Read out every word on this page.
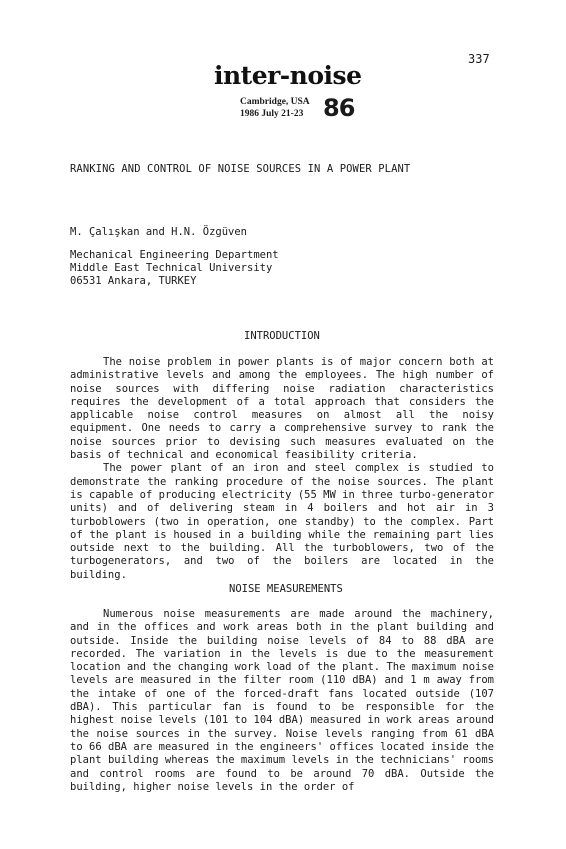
337
inter-noise
Cambridge, USA
1986 July 21-23 86
RANKING AND CONTROL OF NOISE SOURCES IN A POWER PLANT
M. Çalışkan and H.N. Özgüven
Mechanical Engineering Department
Middle East Technical University
06531 Ankara, TURKEY
INTRODUCTION

The noise problem in power plants is of major concern both at administrative levels and among the employees. The high number of noise sources with differing noise radiation characteristics requires the development of a total approach that considers the applicable noise control measures on almost all the noisy equipment. One needs to carry a comprehensive survey to rank the noise sources prior to devising such measures evaluated on the basis of technical and economical feasibility criteria.

The power plant of an iron and steel complex is studied to demonstrate the ranking procedure of the noise sources. The plant is capable of producing electricity (55 MW in three turbo-generator units) and of delivering steam in 4 boilers and hot air in 3 turboblowers (two in operation, one standby) to the complex. Part of the plant is housed in a building while the remaining part lies outside next to the building. All the turboblowers, two of the turbogenerators, and two of the boilers are located in the building.

NOISE MEASUREMENTS

Numerous noise measurements are made around the machinery, and in the offices and work areas both in the plant building and outside. Inside the building noise levels of 84 to 88 dBA are recorded. The variation in the levels is due to the measurement location and the changing work load of the plant. The maximum noise levels are measured in the filter room (110 dBA) and 1 m away from the intake of one of the forced-draft fans located outside (107 dBA). This particular fan is found to be responsible for the highest noise levels (101 to 104 dBA) measured in work areas around the noise sources in the survey. Noise levels ranging from 61 dBA to 66 dBA are measured in the engineers' offices located inside the plant building whereas the maximum levels in the technicians' rooms and control rooms are found to be around 70 dBA. Outside the building, higher noise levels in the order of
